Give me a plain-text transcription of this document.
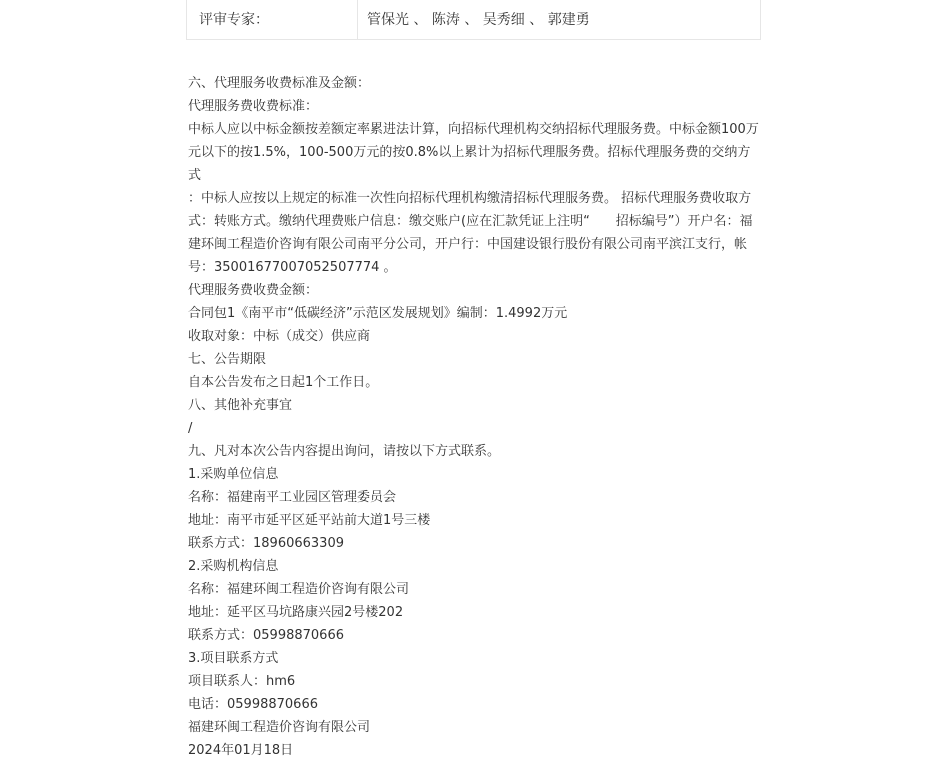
评审专家：	管保光 、 陈涛 、 吴秀细 、 郭建勇

六、代理服务收费标准及金额：

代理服务费收费标准：

中标人应以中标金额按差额定率累进法计算，向招标代理机构交纳招标代理服务费。中标金额100万元以下的按1.5%，100-500万元的按0.8%以上累计为招标代理服务费。招标代理服务费的交纳方式

：中标人应按以上规定的标准一次性向招标代理机构缴清招标代理服务费。 招标代理服务费收取方式：转账方式。缴纳代理费账户信息：缴交账户(应在汇款凭证上注明“　　招标编号”）开户名：福建环闽工程造价咨询有限公司南平分公司，开户行：中国建设银行股份有限公司南平滨江支行，帐 号：35001677007052507774 。

代理服务费收费金额：

合同包1《南平市“低碳经济”示范区发展规划》编制：1.4992万元

收取对象：中标（成交）供应商

七、公告期限

自本公告发布之日起1个工作日。

八、其他补充事宜

/

九、凡对本次公告内容提出询问，请按以下方式联系。

1.采购单位信息

名称：福建南平工业园区管理委员会

地址：南平市延平区延平站前大道1号三楼

联系方式：18960663309

2.采购机构信息

名称：福建环闽工程造价咨询有限公司

地址：延平区马坑路康兴园2号楼202

联系方式：05998870666

3.项目联系方式

项目联系人：hm6

电话：05998870666

福建环闽工程造价咨询有限公司

2024年01月18日
